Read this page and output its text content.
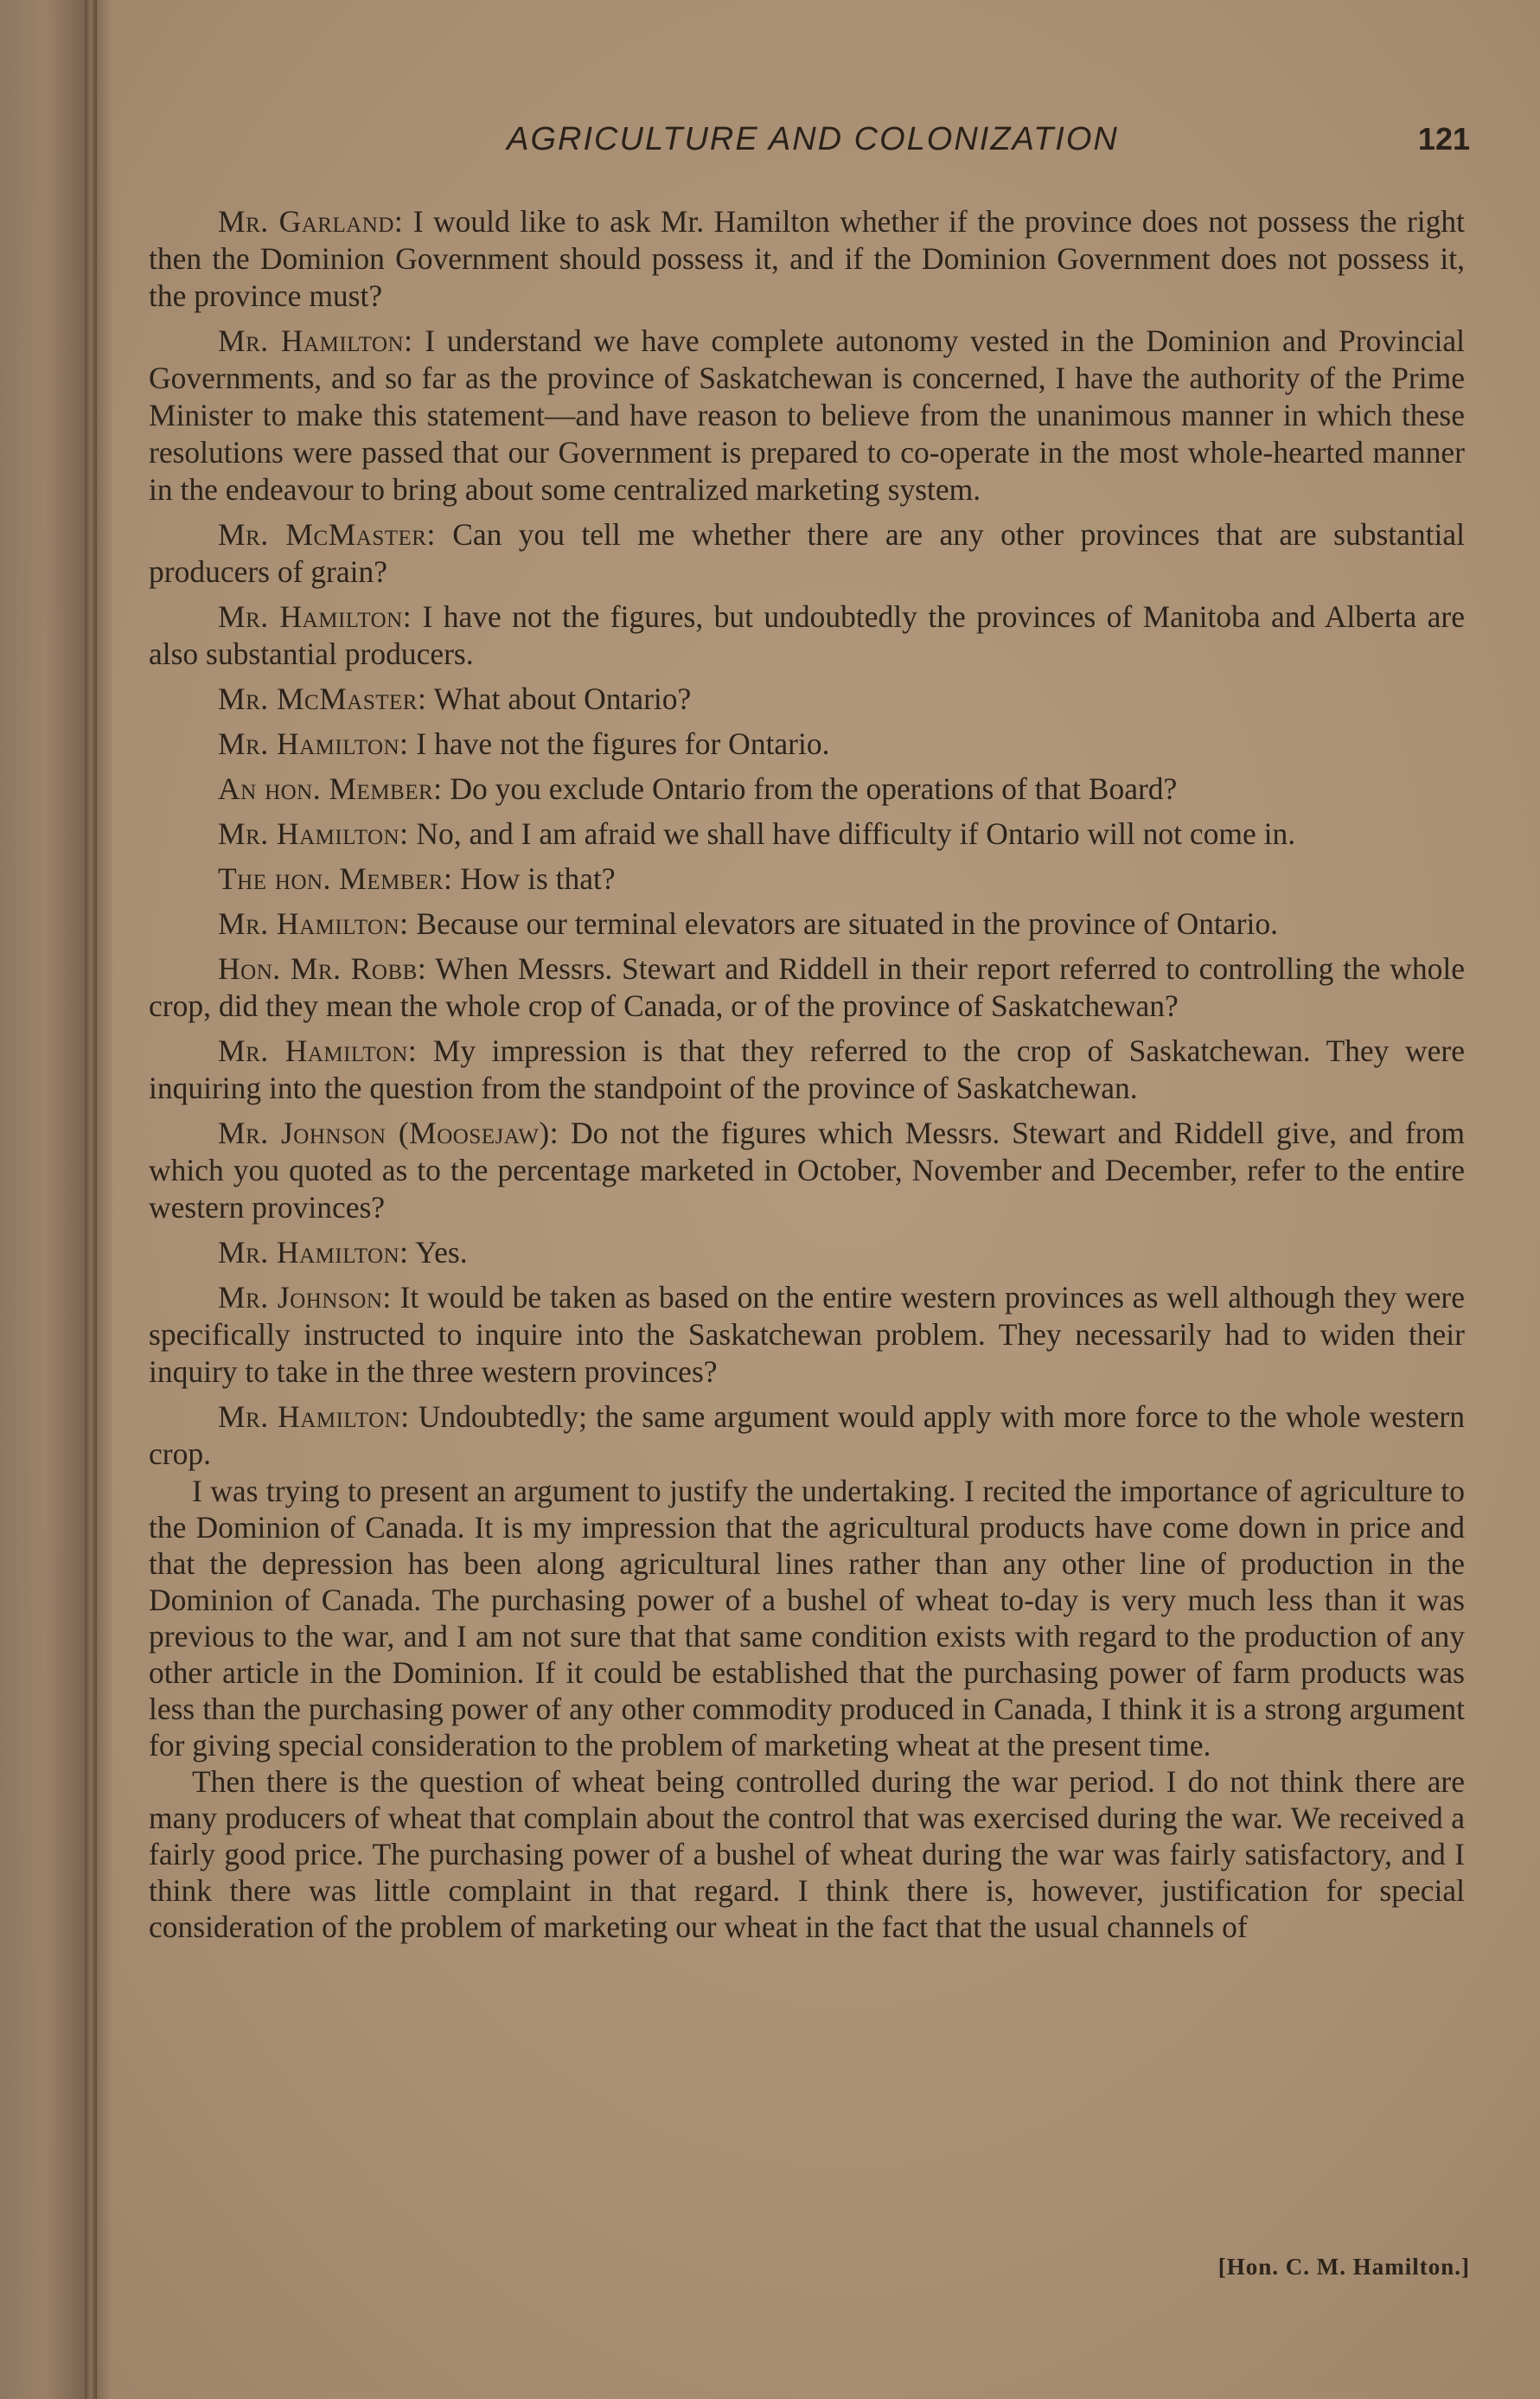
AGRICULTURE AND COLONIZATION	121

Mr. Garland: I would like to ask Mr. Hamilton whether if the province does not possess the right then the Dominion Government should possess it, and if the Dominion Government does not possess it, the province must?

Mr. Hamilton: I understand we have complete autonomy vested in the Dominion and Provincial Governments, and so far as the province of Saskatchewan is concerned, I have the authority of the Prime Minister to make this statement—and have reason to believe from the unanimous manner in which these resolutions were passed that our Government is prepared to co-operate in the most whole-hearted manner in the endeavour to bring about some centralized marketing system.

Mr. McMaster: Can you tell me whether there are any other provinces that are substantial producers of grain?

Mr. Hamilton: I have not the figures, but undoubtedly the provinces of Manitoba and Alberta are also substantial producers.

Mr. McMaster: What about Ontario?

Mr. Hamilton: I have not the figures for Ontario.

An hon. Member: Do you exclude Ontario from the operations of that Board?

Mr. Hamilton: No, and I am afraid we shall have difficulty if Ontario will not come in.

The hon. Member: How is that?

Mr. Hamilton: Because our terminal elevators are situated in the province of Ontario.

Hon. Mr. Robb: When Messrs. Stewart and Riddell in their report referred to controlling the whole crop, did they mean the whole crop of Canada, or of the province of Saskatchewan?

Mr. Hamilton: My impression is that they referred to the crop of Saskatchewan. They were inquiring into the question from the standpoint of the province of Saskatchewan.

Mr. Johnson (Moosejaw): Do not the figures which Messrs. Stewart and Riddell give, and from which you quoted as to the percentage marketed in October, November and December, refer to the entire western provinces?

Mr. Hamilton: Yes.

Mr. Johnson: It would be taken as based on the entire western provinces as well although they were specifically instructed to inquire into the Saskatchewan problem. They necessarily had to widen their inquiry to take in the three western provinces?

Mr. Hamilton: Undoubtedly; the same argument would apply with more force to the whole western crop.

I was trying to present an argument to justify the undertaking. I recited the importance of agriculture to the Dominion of Canada. It is my impression that the agricultural products have come down in price and that the depression has been along agricultural lines rather than any other line of production in the Dominion of Canada. The purchasing power of a bushel of wheat to-day is very much less than it was previous to the war, and I am not sure that that same condition exists with regard to the production of any other article in the Dominion. If it could be established that the purchasing power of farm products was less than the purchasing power of any other commodity produced in Canada, I think it is a strong argument for giving special consideration to the problem of marketing wheat at the present time.

Then there is the question of wheat being controlled during the war period. I do not think there are many producers of wheat that complain about the control that was exercised during the war. We received a fairly good price. The purchasing power of a bushel of wheat during the war was fairly satisfactory, and I think there was little complaint in that regard. I think there is, however, justification for special consideration of the problem of marketing our wheat in the fact that the usual channels of

[Hon. C. M. Hamilton.]
